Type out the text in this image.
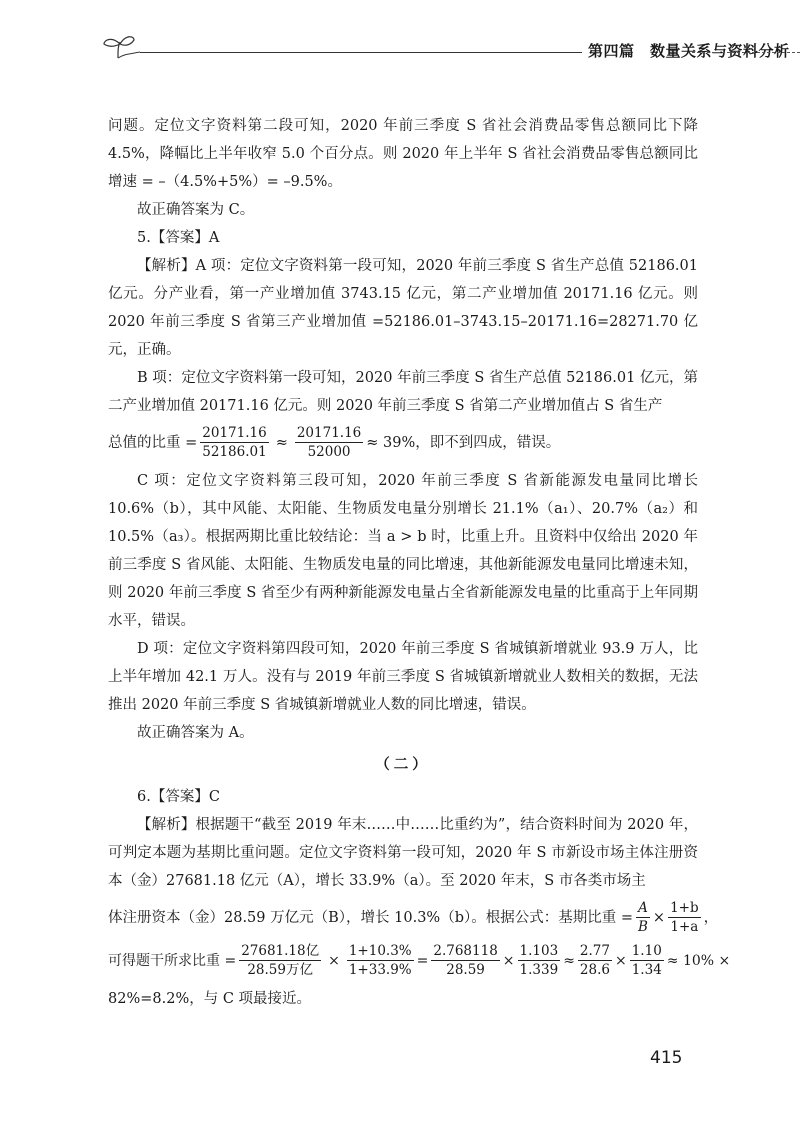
第四篇　数量关系与资料分析

问题。定位文字资料第二段可知，2020 年前三季度 S 省社会消费品零售总额同比下降 4.5%，降幅比上半年收窄 5.0 个百分点。则 2020 年上半年 S 省社会消费品零售总额同比增速 = –（4.5%+5%）= –9.5%。

故正确答案为 C。

5.【答案】A

【解析】A 项：定位文字资料第一段可知，2020 年前三季度 S 省生产总值 52186.01 亿元。分产业看，第一产业增加值 3743.15 亿元，第二产业增加值 20171.16 亿元。则 2020 年前三季度 S 省第三产业增加值 =52186.01–3743.15–20171.16=28271.70 亿元，正确。

B 项：定位文字资料第一段可知，2020 年前三季度 S 省生产总值 52186.01 亿元，第二产业增加值 20171.16 亿元。则 2020 年前三季度 S 省第二产业增加值占 S 省生产

总值的比重 = $\frac{20171.16}{52186.01} \approx \frac{20171.16}{52000} \approx 39\%$，即不到四成，错误。

C 项：定位文字资料第三段可知，2020 年前三季度 S 省新能源发电量同比增长 10.6%（b），其中风能、太阳能、生物质发电量分别增长 21.1%（a₁）、20.7%（a₂）和 10.5%（a₃）。根据两期比重比较结论：当 a > b 时，比重上升。且资料中仅给出 2020 年前三季度 S 省风能、太阳能、生物质发电量的同比增速，其他新能源发电量同比增速未知，则 2020 年前三季度 S 省至少有两种新能源发电量占全省新能源发电量的比重高于上年同期水平，错误。

D 项：定位文字资料第四段可知，2020 年前三季度 S 省城镇新增就业 93.9 万人，比上半年增加 42.1 万人。没有与 2019 年前三季度 S 省城镇新增就业人数相关的数据，无法推出 2020 年前三季度 S 省城镇新增就业人数的同比增速，错误。

故正确答案为 A。

（二）

6.【答案】C

【解析】根据题干“截至 2019 年末……中……比重约为”，结合资料时间为 2020 年，可判定本题为基期比重问题。定位文字资料第一段可知，2020 年 S 市新设市场主体注册资本（金）27681.18 亿元（A），增长 33.9%（a）。至 2020 年末，S 市各类市场主

体注册资本（金）28.59 万亿元（B），增长 10.3%（b）。根据公式：基期比重 = $\frac{A}{B} \times \frac{1+b}{1+a}$ ，
可得题干所求比重 = $\frac{\text{27681.18亿}}{\text{28.59万亿}} \times \frac{1+10.3\%}{1+33.9\%} = \frac{2.768118}{28.59} \times \frac{1.103}{1.339} \approx \frac{2.77}{28.6} \times \frac{1.10}{1.34} \approx 10\%$ ×

82%=8.2%，与 C 项最接近。

415
